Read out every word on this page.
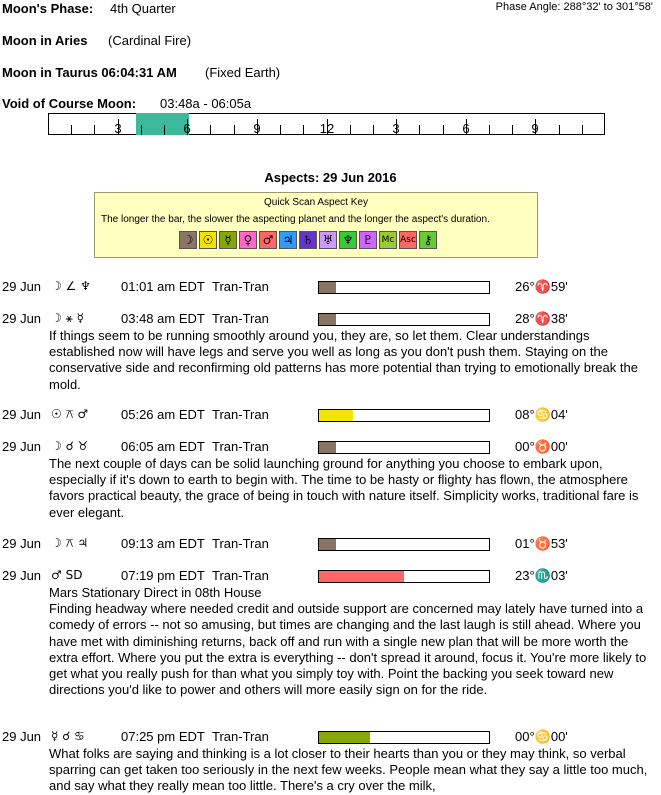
Moon's Phase: 4th Quarter	Phase Angle: 288°32' to 301°58'
Moon in Aries (Cardinal Fire)
Moon in Taurus 06:04:31 AM (Fixed Earth)
Void of Course Moon: 03:48a - 06:05a
Aspects: 29 Jun 2016
Quick Scan Aspect Key
The longer the bar, the slower the aspecting planet and the longer the aspect's duration.
☽ ☉ ☿ ♀ ♂ ♃ ♄ ♅ ♆ ♇ Mc Asc ⚷
29 Jun ☽ ∠ ♆ 01:01 am EDT Tran-Tran	26°♈59'
29 Jun ☽ ⚹ ☿	03:48 am EDT Tran-Tran	28°♈38'
If things seem to be running smoothly around you, they are, so let them. Clear understandings established now will have legs and serve you well as long as you don't push them. Staying on the conservative side and reconfirming old patterns has more potential than trying to emotionally break the mold.
29 Jun ☉ ⚻ ♂	05:26 am EDT Tran-Tran	08°♋04'
29 Jun ☽ ☌ ♉	06:05 am EDT Tran-Tran	00°♉00'
The next couple of days can be solid launching ground for anything you choose to embark upon, especially if it's down to earth to begin with. The time to be hasty or flighty has flown, the atmosphere favors practical beauty, the grace of being in touch with nature itself. Simplicity works, traditional fare is ever elegant.
29 Jun ☽ ⚻ ♃	09:13 am EDT Tran-Tran	01°♉53'
29 Jun ♂ SD	07:19 pm EDT Tran-Tran	23°♏03'
Mars Stationary Direct in 08th House
Finding headway where needed credit and outside support are concerned may lately have turned into a comedy of errors -- not so amusing, but times are changing and the last laugh is still ahead. Where you have met with diminishing returns, back off and run with a single new plan that will be more worth the extra effort. Where you put the extra is everything -- don't spread it around, focus it. You're more likely to get what you really push for than what you simply toy with. Point the backing you seek toward new directions you'd like to power and others will more easily sign on for the ride.
29 Jun ☿ ☌ ♋	07:25 pm EDT Tran-Tran	00°♋00'
What folks are saying and thinking is a lot closer to their hearts than you or they may think, so verbal sparring can get taken too seriously in the next few weeks. People mean what they say a little too much, and say what they really mean too little. There's a cry over the milk,
3	6	9	12	3	6	9
